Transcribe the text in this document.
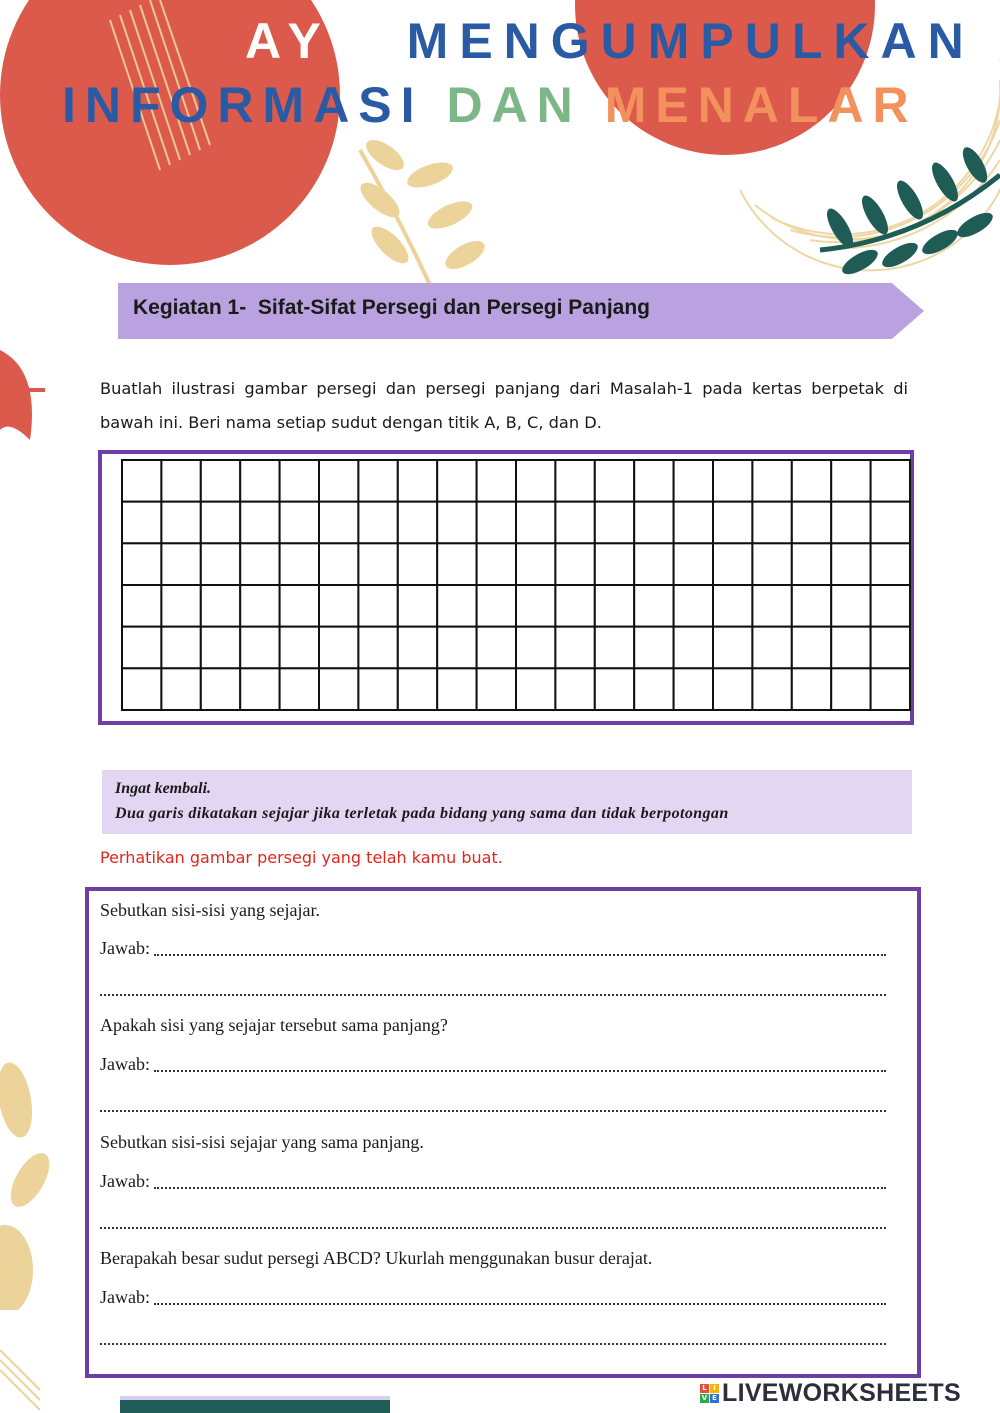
AYO MENGUMPULKAN
INFORMASI DAN MENALAR
Kegiatan 1-  Sifat-Sifat Persegi dan Persegi Panjang
Buatlah ilustrasi gambar persegi dan persegi panjang dari Masalah-1 pada kertas berpetak di bawah ini. Beri nama setiap sudut dengan titik A, B, C, dan D.
Ingat kembali.
Dua garis dikatakan sejajar jika terletak pada bidang yang sama dan tidak berpotongan
Perhatikan gambar persegi yang telah kamu buat.
Sebutkan sisi-sisi yang sejajar.
Jawab:
Apakah sisi yang sejajar tersebut sama panjang?
Jawab:
Sebutkan sisi-sisi sejajar yang sama panjang.
Jawab:
Berapakah besar sudut persegi ABCD? Ukurlah menggunakan busur derajat.
Jawab:
L I
V E LIVEWORKSHEETS
